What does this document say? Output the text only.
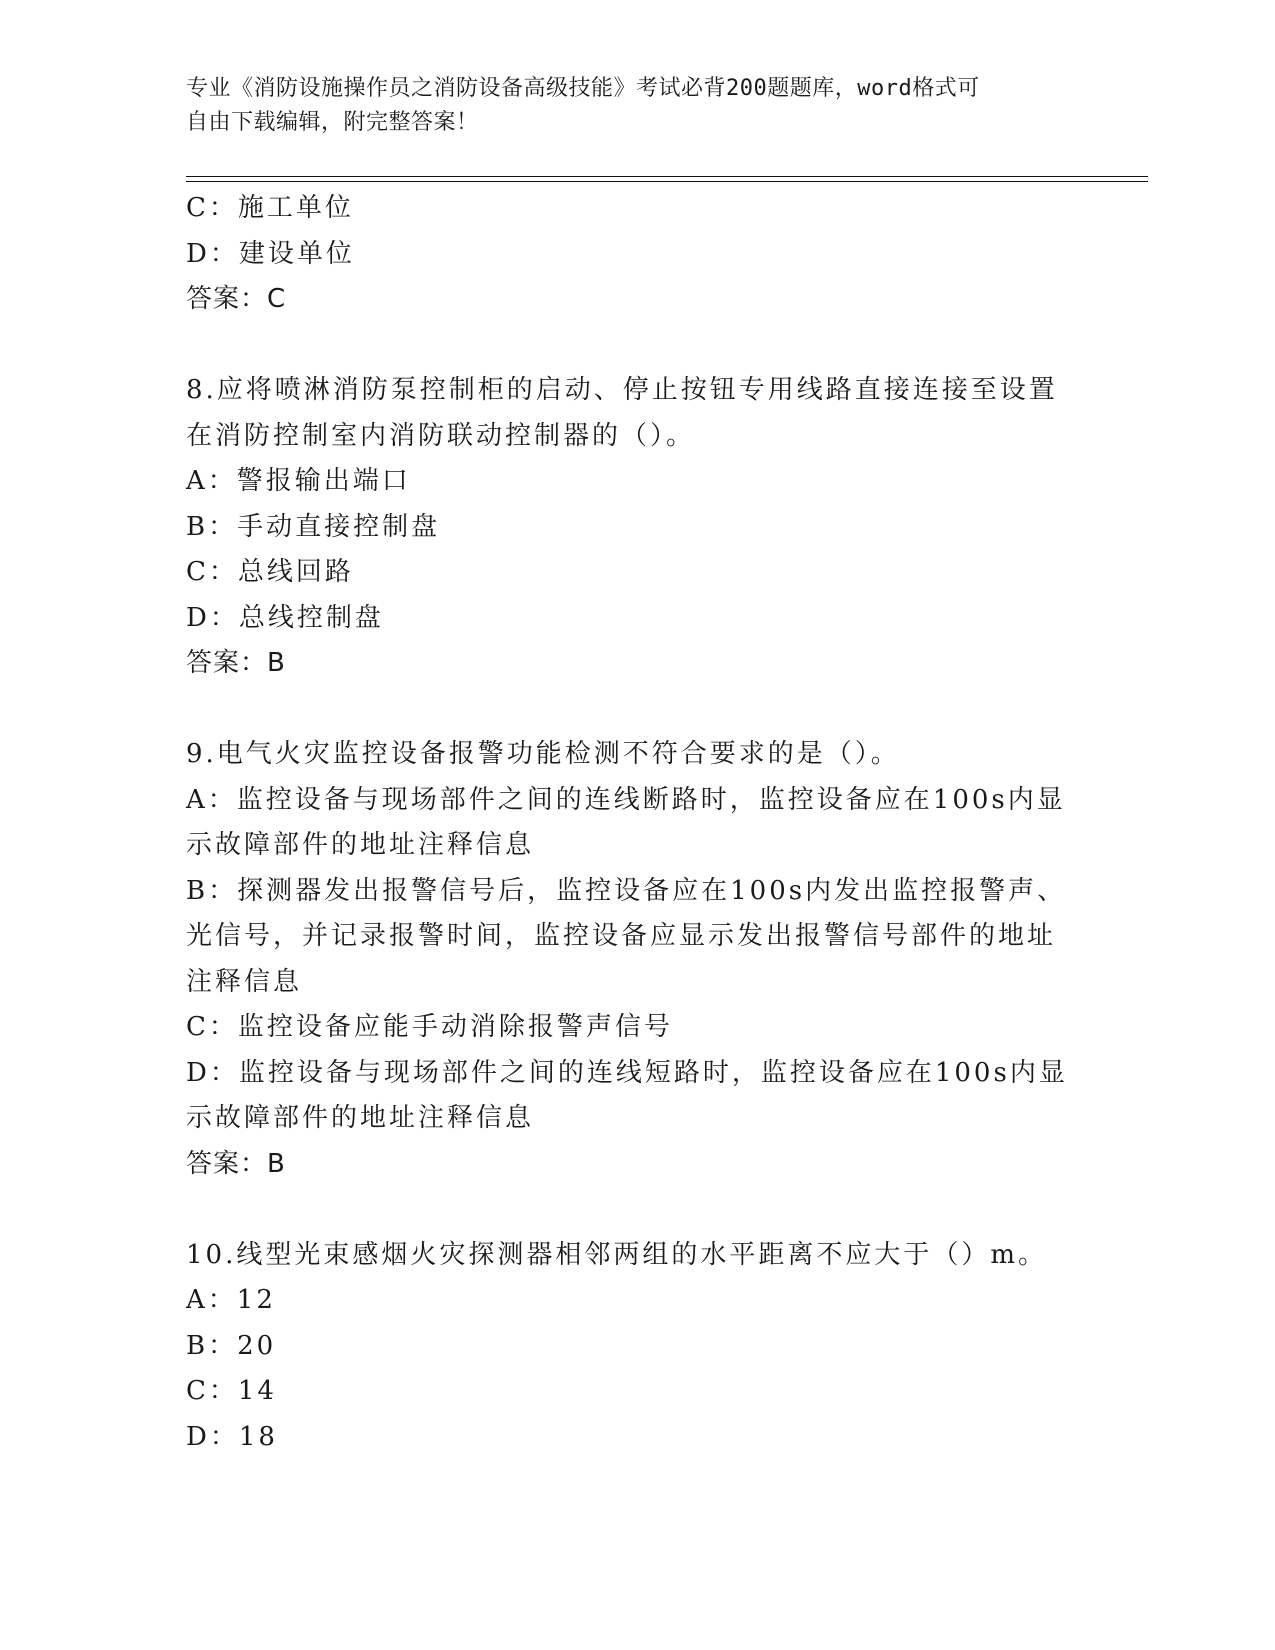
专业《消防设施操作员之消防设备高级技能》考试必背200题题库，word格式可
自由下载编辑，附完整答案！
C：施工单位
D：建设单位
答案：C
8.应将喷淋消防泵控制柜的启动、停止按钮专用线路直接连接至设置
在消防控制室内消防联动控制器的（）。
A：警报输出端口
B：手动直接控制盘
C：总线回路
D：总线控制盘
答案：B
9.电气火灾监控设备报警功能检测不符合要求的是（）。
A：监控设备与现场部件之间的连线断路时，监控设备应在100s内显
示故障部件的地址注释信息
B：探测器发出报警信号后，监控设备应在100s内发出监控报警声、
光信号，并记录报警时间，监控设备应显示发出报警信号部件的地址
注释信息
C：监控设备应能手动消除报警声信号
D：监控设备与现场部件之间的连线短路时，监控设备应在100s内显
示故障部件的地址注释信息
答案：B
10.线型光束感烟火灾探测器相邻两组的水平距离不应大于（）m。
A：12
B：20
C：14
D：18
